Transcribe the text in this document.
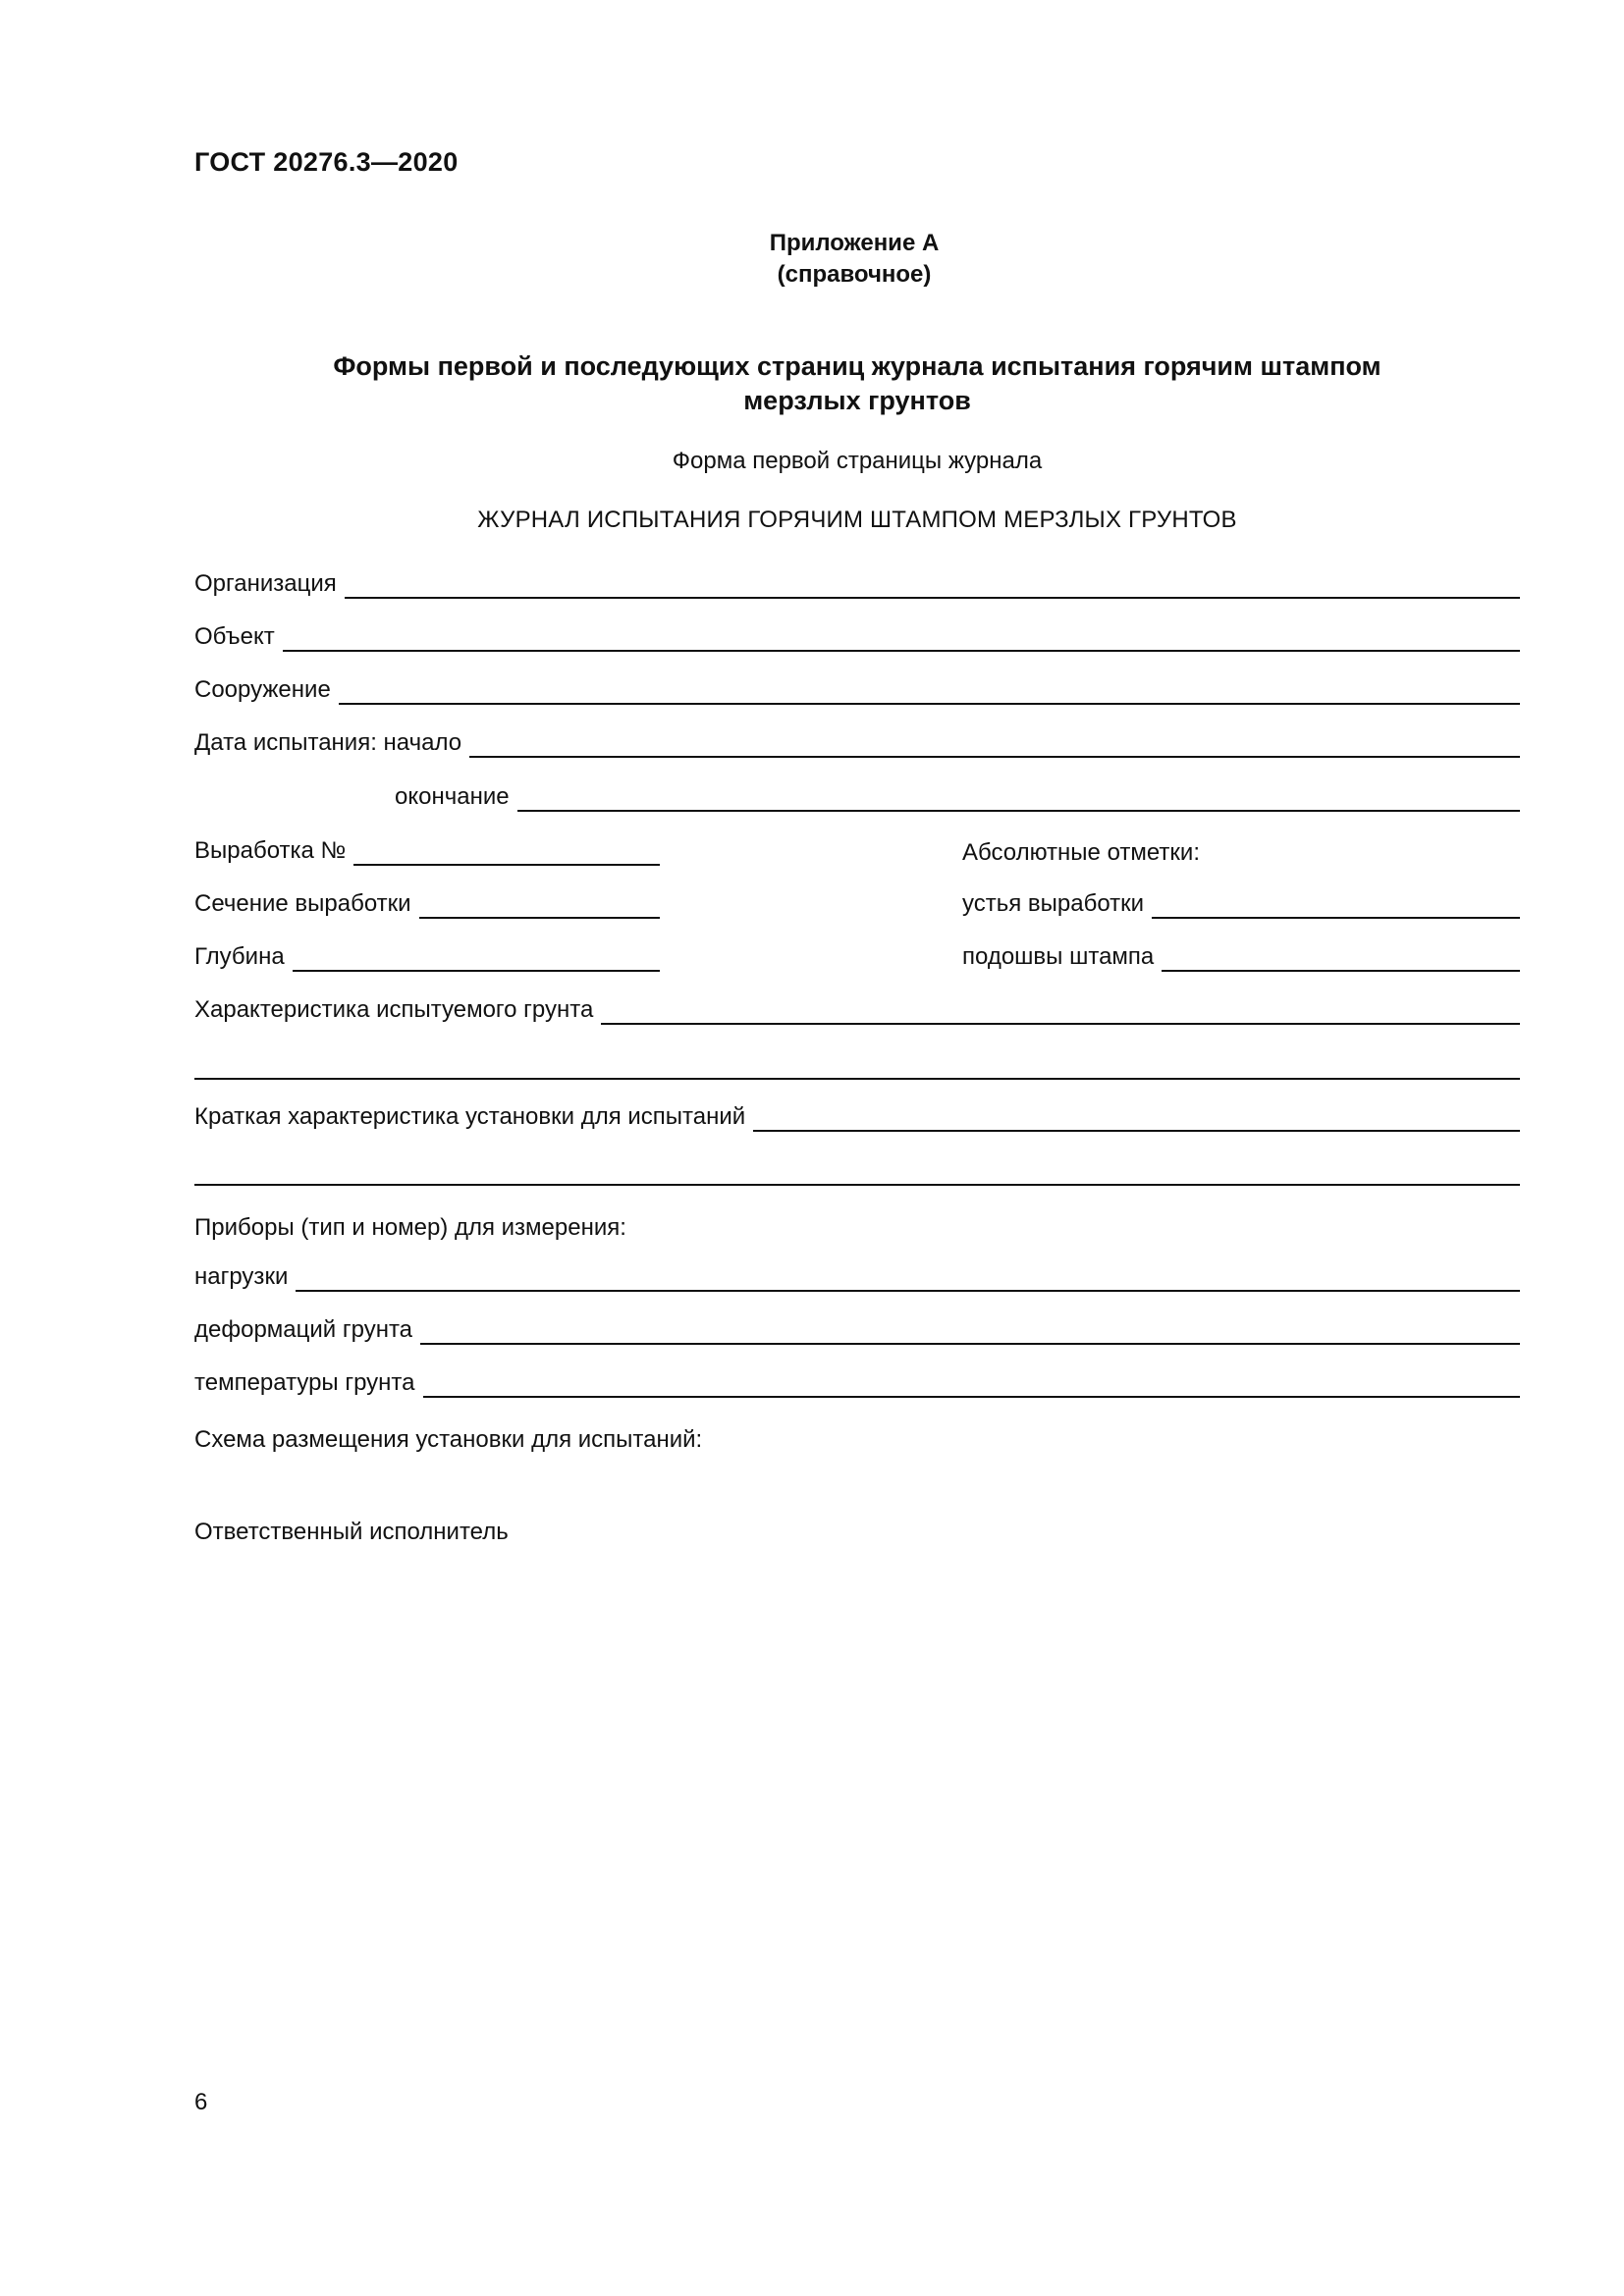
ГОСТ 20276.3—2020
Приложение А
(справочное)
Формы первой и последующих страниц журнала испытания горячим штампом
мерзлых грунтов
Форма первой страницы журнала
ЖУРНАЛ ИСПЫТАНИЯ ГОРЯЧИМ ШТАМПОМ МЕРЗЛЫХ ГРУНТОВ
Организация
Объект
Сооружение
Дата испытания: начало
окончание
Выработка №	Абсолютные отметки:
Сечение выработки	устья выработки
Глубина	подошвы штампа
Характеристика испытуемого грунта
Краткая характеристика установки для испытаний
Приборы (тип и номер) для измерения:
нагрузки
деформаций грунта
температуры грунта
Схема размещения установки для испытаний:
Ответственный исполнитель
6
